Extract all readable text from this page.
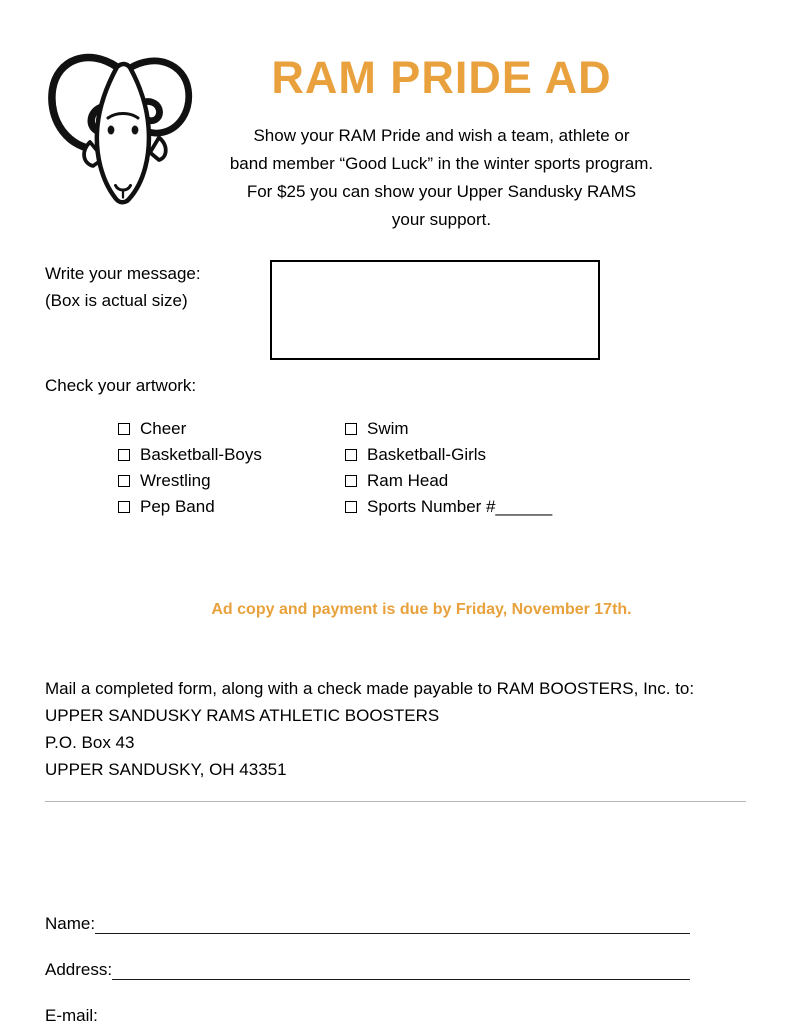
RAM PRIDE AD
Show your RAM Pride and wish a team, athlete or
band member “Good Luck” in the winter sports program.
For $25 you can show your Upper Sandusky RAMS
your support.
Write your message:
(Box is actual size)
Check your artwork:
Cheer	Swim
Basketball-Boys	Basketball-Girls
Wrestling	Ram Head
Pep Band	Sports Number #______
Ad copy and payment is due by Friday, November 17th.
Mail a completed form, along with a check made payable to RAM BOOSTERS, Inc. to:
UPPER SANDUSKY RAMS ATHLETIC BOOSTERS
P.O. Box 43
UPPER SANDUSKY, OH 43351
Name:
Address:
E-mail:
